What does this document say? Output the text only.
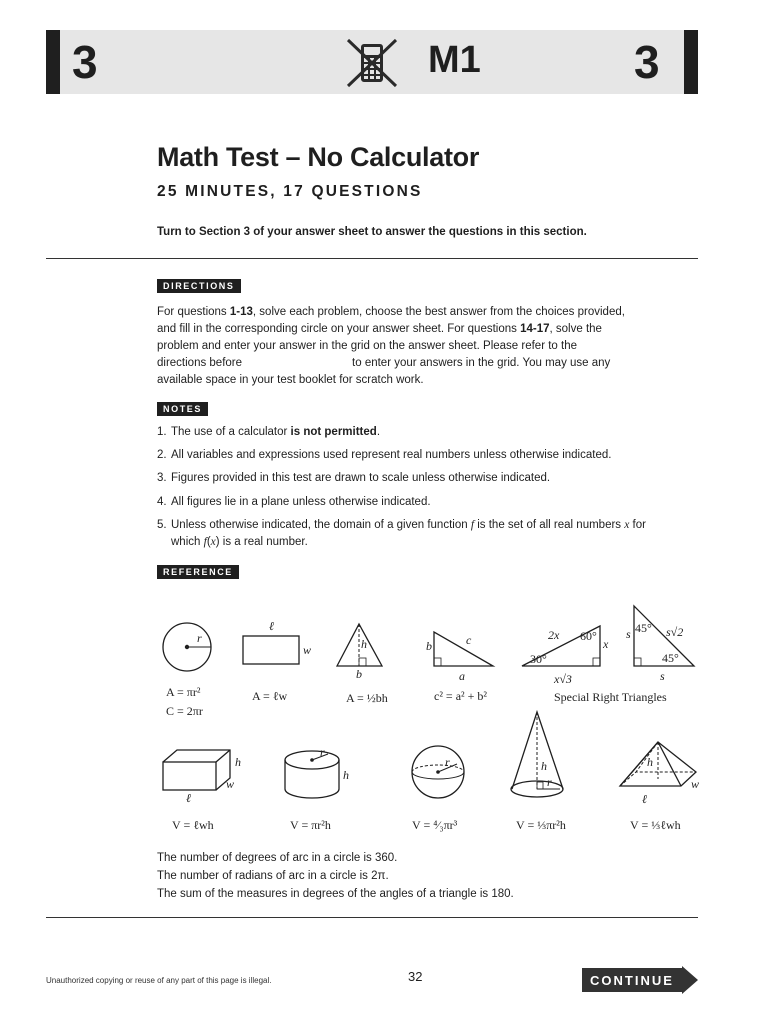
3	3
M1
Math Test – No Calculator
25 MINUTES, 17 QUESTIONS
Turn to Section 3 of your answer sheet to answer the questions in this section.
DIRECTIONS
For questions 1-13, solve each problem, choose the best answer from the choices provided,
and fill in the corresponding circle on your answer sheet. For questions 14-17, solve the
problem and enter your answer in the grid on the answer sheet. Please refer to the
directions before	to enter your answers in the grid. You may use any
available space in your test booklet for scratch work.
NOTES
1. The use of a calculator is not permitted.
2. All variables and expressions used represent real numbers unless otherwise indicated.
3. Figures provided in this test are drawn to scale unless otherwise indicated.
4. All figures lie in a plane unless otherwise indicated.
5. Unless otherwise indicated, the domain of a given function f is the set of all real numbers x for
which f(x) is a real number.
REFERENCE
r
A = πr²
C = 2πr
ℓ
w
A = ℓw
h
b
A = ½bh
b	c
a
c² = a² + b²
2x 60°
x
30°
x√3
s 45° s√2
45°
s
Special Right Triangles
h
w
ℓ
V = ℓwh
r
h
V = πr²h
r
V = ⁴⁄₃πr³
h
r
V = ⅓πr²h
h
w
ℓ
V = ⅓ℓwh
The number of degrees of arc in a circle is 360.
The number of radians of arc in a circle is 2π.
The sum of the measures in degrees of the angles of a triangle is 180.
Unauthorized copying or reuse of any part of this page is illegal.	32	CONTINUE
